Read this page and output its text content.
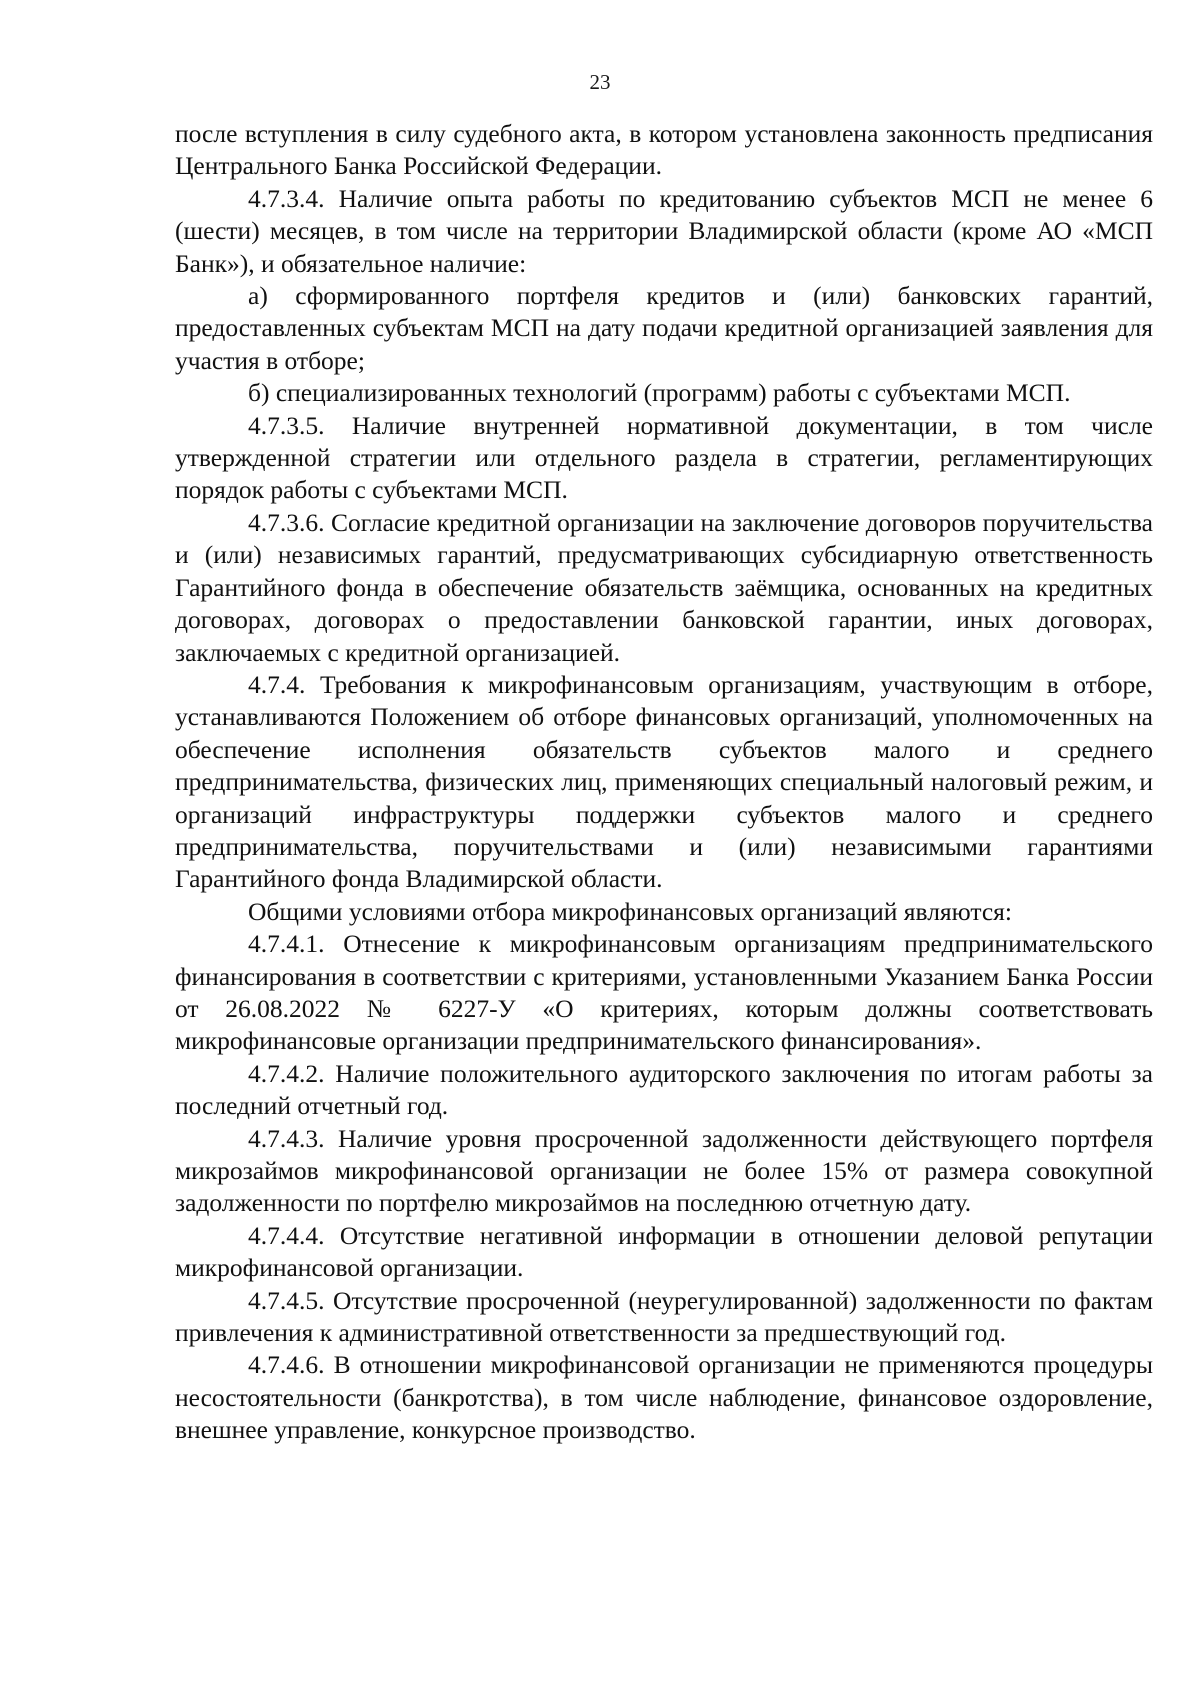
23

после вступления в силу судебного акта, в котором установлена законность предписания Центрального Банка Российской Федерации.

4.7.3.4. Наличие опыта работы по кредитованию субъектов МСП не менее 6 (шести) месяцев, в том числе на территории Владимирской области (кроме АО «МСП Банк»), и обязательное наличие:

а) сформированного портфеля кредитов и (или) банковских гарантий, предоставленных субъектам МСП на дату подачи кредитной организацией заявления для участия в отборе;

б) специализированных технологий (программ) работы с субъектами МСП.

4.7.3.5. Наличие внутренней нормативной документации, в том числе утвержденной стратегии или отдельного раздела в стратегии, регламентирующих порядок работы с субъектами МСП.

4.7.3.6. Согласие кредитной организации на заключение договоров поручительства и (или) независимых гарантий, предусматривающих субсидиарную ответственность Гарантийного фонда в обеспечение обязательств заёмщика, основанных на кредитных договорах, договорах о предоставлении банковской гарантии, иных договорах, заключаемых с кредитной организацией.

4.7.4. Требования к микрофинансовым организациям, участвующим в отборе, устанавливаются Положением об отборе финансовых организаций, уполномоченных на обеспечение исполнения обязательств субъектов малого и среднего предпринимательства, физических лиц, применяющих специальный налоговый режим, и организаций инфраструктуры поддержки субъектов малого и среднего предпринимательства, поручительствами и (или) независимыми гарантиями Гарантийного фонда Владимирской области.

Общими условиями отбора микрофинансовых организаций являются:

4.7.4.1. Отнесение к микрофинансовым организациям предпринимательского финансирования в соответствии с критериями, установленными Указанием Банка России от 26.08.2022 № 6227-У «О критериях, которым должны соответствовать микрофинансовые организации предпринимательского финансирования».

4.7.4.2. Наличие положительного аудиторского заключения по итогам работы за последний отчетный год.

4.7.4.3. Наличие уровня просроченной задолженности действующего портфеля микрозаймов микрофинансовой организации не более 15% от размера совокупной задолженности по портфелю микрозаймов на последнюю отчетную дату.

4.7.4.4. Отсутствие негативной информации в отношении деловой репутации микрофинансовой организации.

4.7.4.5. Отсутствие просроченной (неурегулированной) задолженности по фактам привлечения к административной ответственности за предшествующий год.

4.7.4.6. В отношении микрофинансовой организации не применяются процедуры несостоятельности (банкротства), в том числе наблюдение, финансовое оздоровление, внешнее управление, конкурсное производство.
